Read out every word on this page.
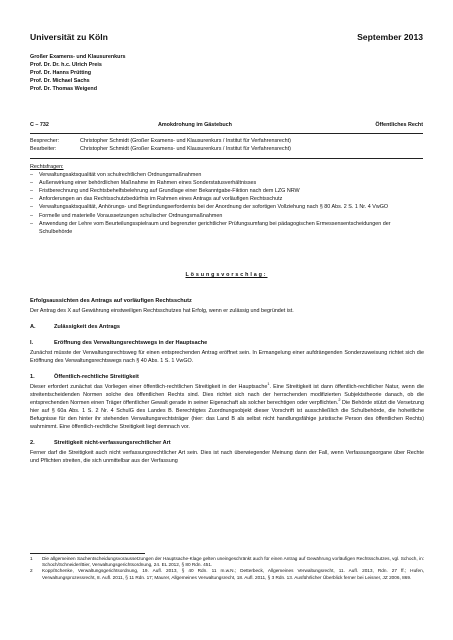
Universität zu Köln	September 2013
Großer Examens- und Klausurenkurs
Prof. Dr. Dr. h.c. Ulrich Preis
Prof. Dr. Hanns Prütting
Prof. Dr. Michael Sachs
Prof. Dr. Thomas Weigend
C – 732	Amokdrohung im Gästebuch	Öffentliches Recht
Besprecher:	Christopher Schmidt (Großer Examens- und Klausurenkurs / Institut für Verfahrensrecht)
Bearbeiter:	Christopher Schmidt (Großer Examens- und Klausurenkurs / Institut für Verfahrensrecht)
Rechtsfragen:
– Verwaltungsaktsqualität von schulrechtlichen Ordnungsmaßnahmen
– Außenwirkung einer behördlichen Maßnahme im Rahmen eines Sonderstatusverhältnisses
– Fristberechnung und Rechtsbehelfsbelehrung auf Grundlage einer Bekanntgabe-Fiktion nach dem LZG NRW
– Anforderungen an das Rechtsschutzbedürfnis im Rahmen eines Antrags auf vorläufigen Rechtsschutz
– Verwaltungsaktsqualität, Anhörungs- und Begründungserfordernis bei der Anordnung der sofortigen Vollziehung nach § 80 Abs. 2 S. 1 Nr. 4 VwGO
– Formelle und materielle Voraussetzungen schulischer Ordnungsmaßnahmen
– Anwendung der Lehre vom Beurteilungsspielraum und begrenzter gerichtlicher Prüfungsumfang bei pädagogischen Ermessensentscheidungen der Schulbehörde
Lösungsvorschlag:

Erfolgsaussichten des Antrags auf vorläufigen Rechtsschutz

Der Antrag des X auf Gewährung einstweiligen Rechtsschutzes hat Erfolg, wenn er zulässig und begründet ist.

A.	Zulässigkeit des Antrags

I.	Eröffnung des Verwaltungsrechtswegs in der Hauptsache

Zunächst müsste der Verwaltungsrechtsweg für einen entsprechenden Antrag eröffnet sein. In Ermangelung einer aufdrängenden Sonderzuweisung richtet sich die Eröffnung des Verwaltungsrechtswegs nach § 40 Abs. 1 S. 1 VwGO.

1.	Öffentlich-rechtliche Streitigkeit

Dieser erfordert zunächst das Vorliegen einer öffentlich-rechtlichen Streitigkeit in der Hauptsache$^1$. Eine Streitigkeit ist dann öffentlich-rechtlicher Natur, wenn die streitentscheidenden Normen solche des öffentlichen Rechts sind. Dies richtet sich nach der herrschenden modifizierten Subjektstheorie danach, ob die entsprechenden Normen einen Träger öffentlicher Gewalt gerade in seiner Eigenschaft als solcher berechtigen oder verpflichten.$^2$ Die Behörde stützt die Versetzung hier auf § 60a Abs. 1 S. 2 Nr. 4 SchulG des Landes B. Berechtigtes Zuordnungsobjekt dieser Vorschrift ist ausschließlich die Schulbehörde, die hoheitliche Befugnisse für den hinter ihr stehenden Verwaltungsrechtsträger (hier: das Land B als selbst nicht handlungsfähige juristische Person des öffentlichen Rechts) wahrnimmt. Eine öffentlich-rechtliche Streitigkeit liegt demnach vor.

2.	Streitigkeit nicht-verfassungsrechtlicher Art

Ferner darf die Streitigkeit auch nicht verfassungsrechtlicher Art sein. Dies ist nach überwiegender Meinung dann der Fall, wenn Verfassungsorgane über Rechte und Pflichten streiten, die sich unmittelbar aus der Verfassung

1	Die allgemeinen Sachentscheidungsvoraussetzungen der Hauptsache-Klage gelten uneingeschränkt auch für einen Antrag auf Gewährung vorläufigen Rechtsschutzes, vgl. Schoch, in: Schoch/Schneider/Bier, Verwaltungsgerichtsordnung, 24. EL 2012, § 80 Rdn. 451.
2	Kopp/Schenke, Verwaltungsgerichtsordnung, 19. Aufl. 2013, § 40 Rdn. 11 m.w.N.; Detterbeck, Allgemeines Verwaltungsrecht, 11. Aufl. 2013, Rdn. 27 ff.; Hufen, Verwaltungsprozessrecht, 8. Aufl. 2011, § 11 Rdn. 17; Maurer, Allgemeines Verwaltungsrecht, 18. Aufl. 2011, § 3 Rdn. 13. Ausführlicher Überblick ferner bei Leisner, JZ 2006, 869.
